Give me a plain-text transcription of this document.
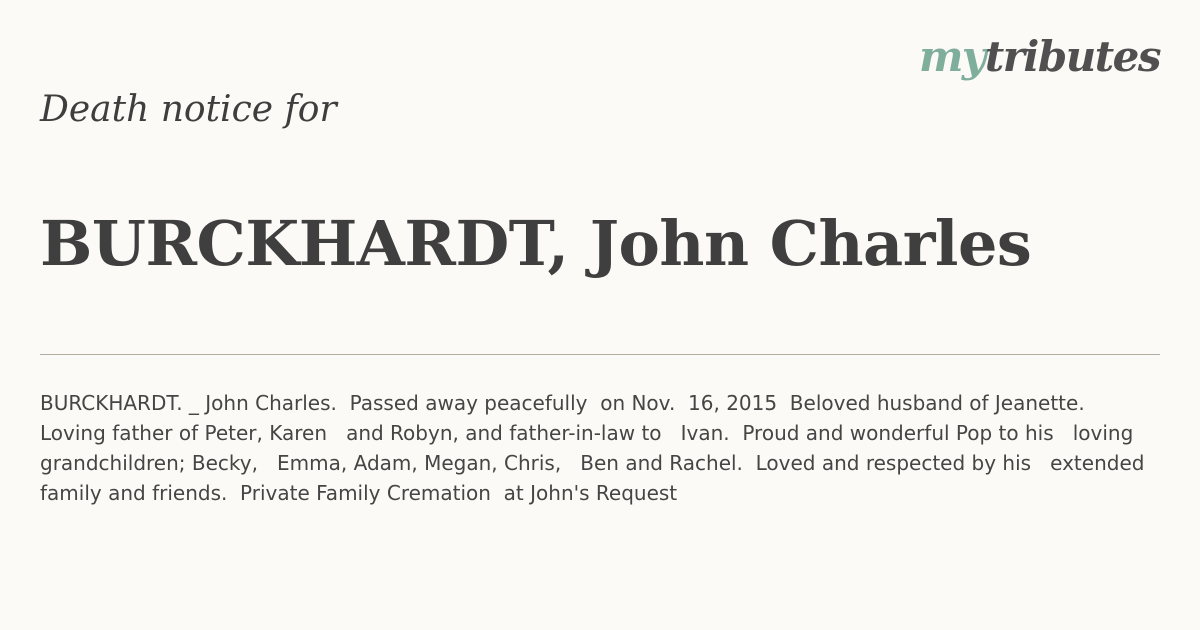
mytributes
Death notice for
BURCKHARDT, John Charles

BURCKHARDT. _ John Charles.  Passed away peacefully  on Nov.  16, 2015  Beloved husband of Jeanette.   Loving father of Peter, Karen   and Robyn, and father-in-law to   Ivan.  Proud and wonderful Pop to his   loving grandchildren; Becky,   Emma, Adam, Megan, Chris,   Ben and Rachel.  Loved and respected by his   extended family and friends.  Private Family Cremation  at John's Request
